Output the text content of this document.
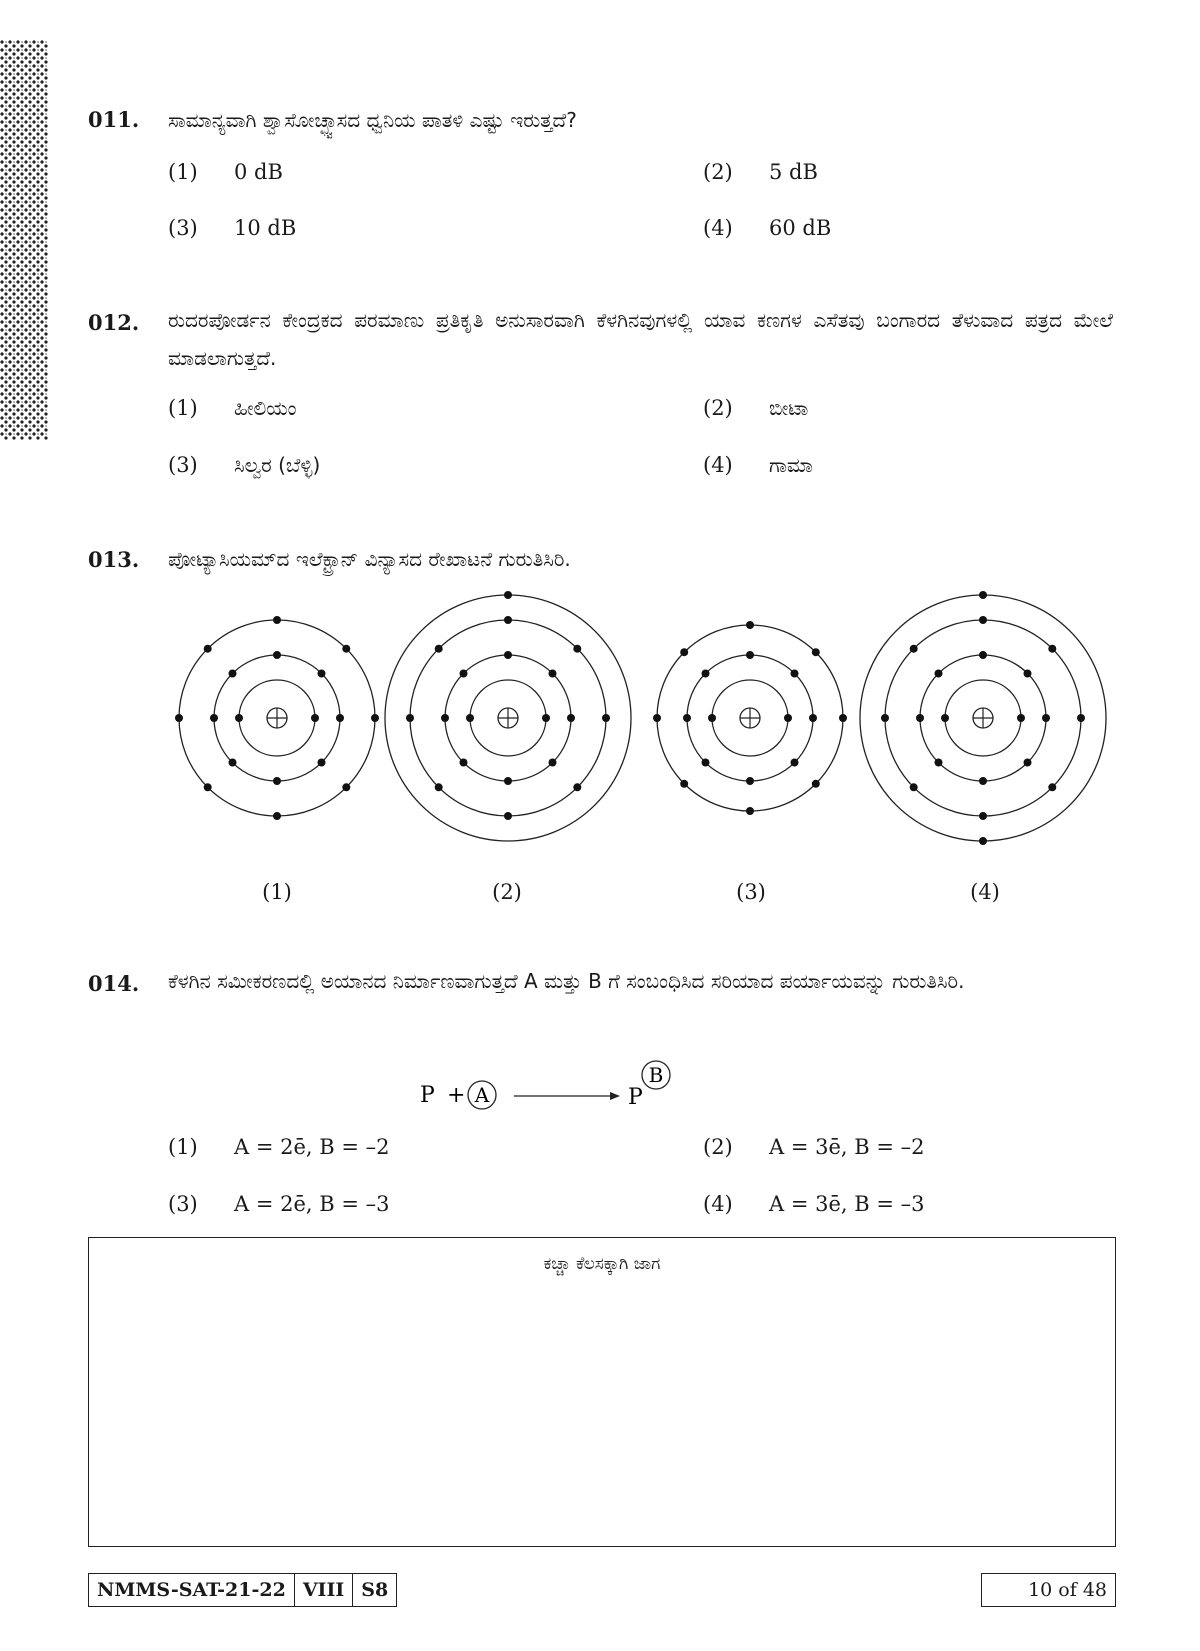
011. ಸಾಮಾನ್ಯವಾಗಿ ಶ್ವಾಸೋಚ್ಛ್ವಾಸದ ಧ್ವನಿಯ ಪಾತಳಿ ಎಷ್ಟು ಇರುತ್ತದೆ?
(1) 0 dB	(2) 5 dB
(3) 10 dB	(4) 60 dB
012. ರುದರಪೋರ್ಡನ ಕೇಂದ್ರಕದ ಪರಮಾಣು ಪ್ರತಿಕೃತಿ ಅನುಸಾರವಾಗಿ ಕೆಳಗಿನವುಗಳಲ್ಲಿ ಯಾವ ಕಣಗಳ ಎಸೆತವು ಬಂಗಾರದ ತೆಳುವಾದ ಪತ್ರದ ಮೇಲೆ ಮಾಡಲಾಗುತ್ತದೆ.
(1) ಹೀಲಿಯಂ	(2) ಬೀಟಾ
(3) ಸಿಲ್ವರ (ಬೆಳ್ಳಿ)	(4) ಗಾಮಾ
013. ಪೋಟ್ಯಾಸಿಯಮ್‌ದ ಇಲೆಕ್ಟ್ರಾನ್ ವಿನ್ಯಾಸದ ರೇಖಾಟನೆ ಗುರುತಿಸಿರಿ.
(1)	(2)	(3)	(4)
014. ಕೆಳಗಿನ ಸಮೀಕರಣದಲ್ಲಿ ಅಯಾನದ ನಿರ್ಮಾಣವಾಗುತ್ತದೆ A ಮತ್ತು B ಗೆ ಸಂಬಂಧಿಸಿದ ಸರಿಯಾದ ಪರ್ಯಾಯವನ್ನು ಗುರುತಿಸಿರಿ.
P + A	P
B
(1) A = 2ē, B = –2	(2) A = 3ē, B = –2
(3) A = 2ē, B = –3	(4) A = 3ē, B = –3
ಕಚ್ಚಾ ಕೆಲಸಕ್ಕಾಗಿ ಜಾಗ
NMMS-SAT-21-22 VIII S8	10 of 48
